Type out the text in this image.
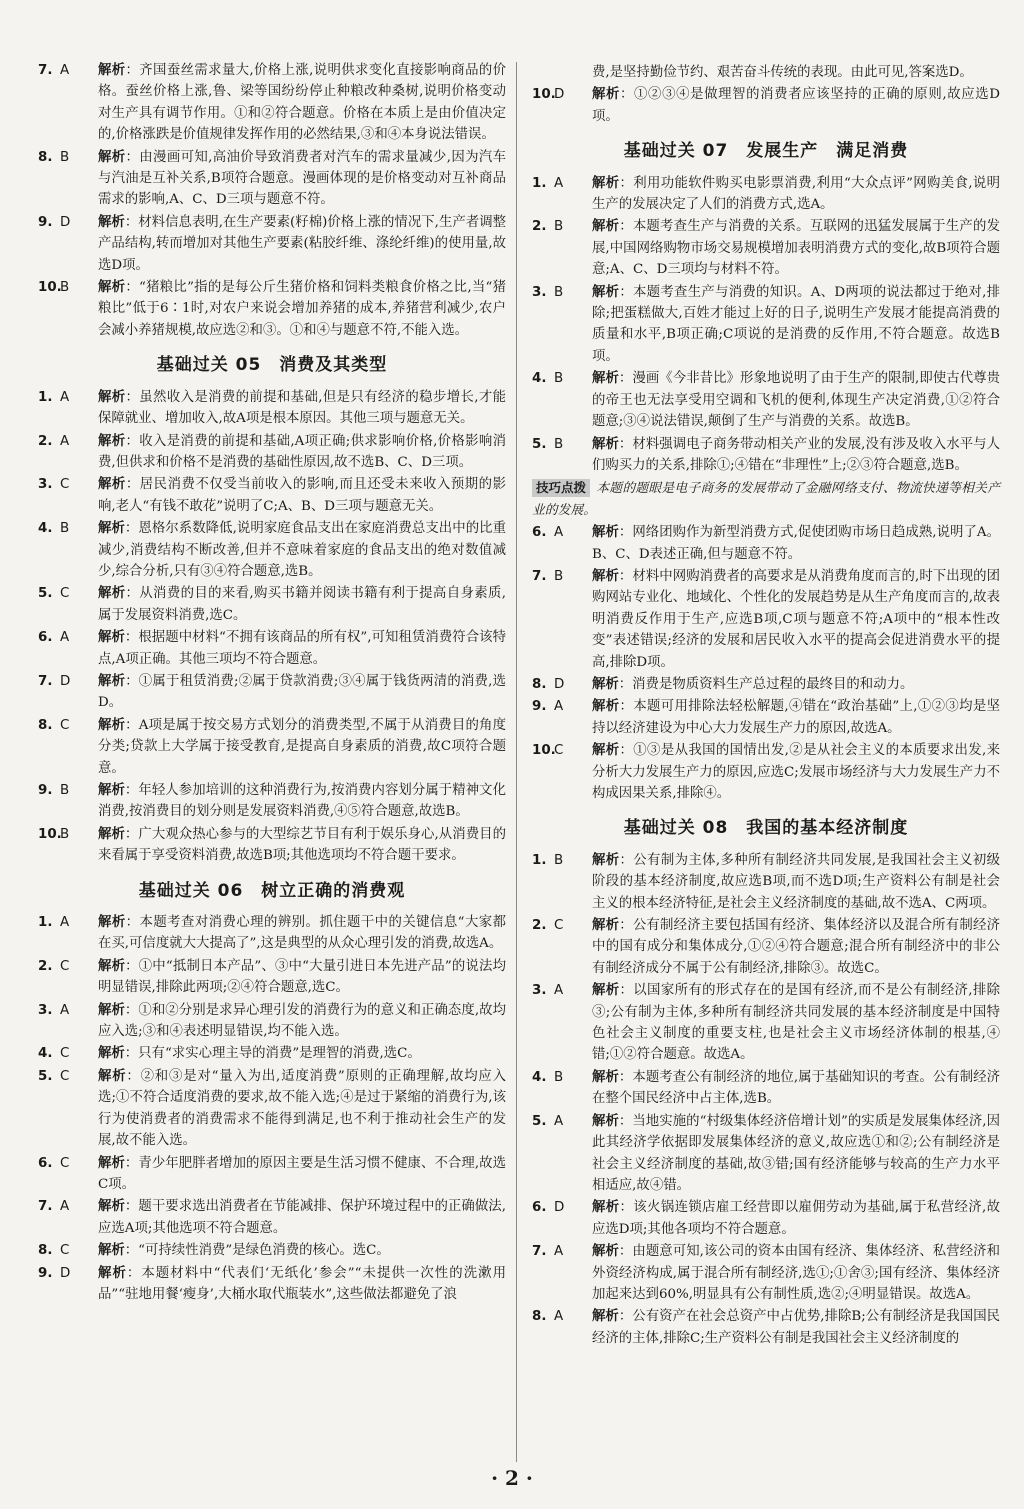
7. A 解析：齐国蚕丝需求量大,价格上涨,说明供求变化直接影响商品的价格。蚕丝价格上涨,鲁、梁等国纷纷停止种粮改种桑树,说明价格变动对生产具有调节作用。①和②符合题意。价格在本质上是由价值决定的,价格涨跌是价值规律发挥作用的必然结果,③和④本身说法错误。
8. B 解析：由漫画可知,高油价导致消费者对汽车的需求量减少,因为汽车与汽油是互补关系,B项符合题意。漫画体现的是价格变动对互补商品需求的影响,A、C、D三项与题意不符。
9. D 解析：材料信息表明,在生产要素(籽棉)价格上涨的情况下,生产者调整产品结构,转而增加对其他生产要素(粘胶纤维、涤纶纤维)的使用量,故选D项。
10.
B 解析：“猪粮比”指的是每公斤生猪价格和饲料类粮食价格之比,当“猪粮比”低于6∶1时,对农户来说会增加养猪的成本,养猪营利减少,农户会减小养猪规模,故应选②和③。①和④与题意不符,不能入选。
基础过关 05　消费及其类型
1. A 解析：虽然收入是消费的前提和基础,但是只有经济的稳步增长,才能保障就业、增加收入,故A项是根本原因。其他三项与题意无关。
2. A 解析：收入是消费的前提和基础,A项正确;供求影响价格,价格影响消费,但供求和价格不是消费的基础性原因,故不选B、C、D三项。
3. C 解析：居民消费不仅受当前收入的影响,而且还受未来收入预期的影响,老人“有钱不敢花”说明了C;A、B、D三项与题意无关。
4. B 解析：恩格尔系数降低,说明家庭食品支出在家庭消费总支出中的比重减少,消费结构不断改善,但并不意味着家庭的食品支出的绝对数值减少,综合分析,只有③④符合题意,选B。
5. C 解析：从消费的目的来看,购买书籍并阅读书籍有利于提高自身素质,属于发展资料消费,选C。
6. A 解析：根据题中材料“不拥有该商品的所有权”,可知租赁消费符合该特点,A项正确。其他三项均不符合题意。
7. D 解析：①属于租赁消费;②属于贷款消费;③④属于钱货两清的消费,选D。
8. C 解析：A项是属于按交易方式划分的消费类型,不属于从消费目的角度分类;贷款上大学属于接受教育,是提高自身素质的消费,故C项符合题意。
9. B 解析：年轻人参加培训的这种消费行为,按消费内容划分属于精神文化消费,按消费目的划分则是发展资料消费,④⑤符合题意,故选B。
10.
B 解析：广大观众热心参与的大型综艺节目有利于娱乐身心,从消费目的来看属于享受资料消费,故选B项;其他选项均不符合题干要求。
基础过关 06　树立正确的消费观
1. A 解析：本题考查对消费心理的辨别。抓住题干中的关键信息“大家都在买,可信度就大大提高了”,这是典型的从众心理引发的消费,故选A。
2. C 解析：①中“抵制日本产品”、③中“大量引进日本先进产品”的说法均明显错误,排除此两项;②④符合题意,选C。
3. A 解析：①和②分别是求异心理引发的消费行为的意义和正确态度,故均应入选;③和④表述明显错误,均不能入选。
4. C 解析：只有“求实心理主导的消费”是理智的消费,选C。
5. C 解析：②和③是对“量入为出,适度消费”原则的正确理解,故均应入选;①不符合适度消费的要求,故不能入选;④是过于紧缩的消费行为,该行为使消费者的消费需求不能得到满足,也不利于推动社会生产的发展,故不能入选。
6. C 解析：青少年肥胖者增加的原因主要是生活习惯不健康、不合理,故选C项。
7. A 解析：题干要求选出消费者在节能减排、保护环境过程中的正确做法,应选A项;其他选项不符合题意。
8. C 解析：“可持续性消费”是绿色消费的核心。选C。
9. D 解析：本题材料中“代表们‘无纸化’参会”“未提供一次性的洗漱用品”“驻地用餐‘瘦身’,大桶水取代瓶装水”,这些做法都避免了浪
费,是坚持勤俭节约、艰苦奋斗传统的表现。由此可见,答案选D。
10.
D 解析：①②③④是做理智的消费者应该坚持的正确的原则,故应选D项。
基础过关 07　发展生产　满足消费
1. A 解析：利用功能软件购买电影票消费,利用“大众点评”网购美食,说明生产的发展决定了人们的消费方式,选A。
2. B 解析：本题考查生产与消费的关系。互联网的迅猛发展属于生产的发展,中国网络购物市场交易规模增加表明消费方式的变化,故B项符合题意;A、C、D三项均与材料不符。
3. B 解析：本题考查生产与消费的知识。A、D两项的说法都过于绝对,排除;把蛋糕做大,百姓才能过上好的日子,说明生产发展才能提高消费的质量和水平,B项正确;C项说的是消费的反作用,不符合题意。故选B项。
4. B 解析：漫画《今非昔比》形象地说明了由于生产的限制,即使古代尊贵的帝王也无法享受用空调和飞机的便利,体现生产决定消费,①②符合题意;③④说法错误,颠倒了生产与消费的关系。故选B。
5. B 解析：材料强调电子商务带动相关产业的发展,没有涉及收入水平与人们购买力的关系,排除①;④错在“非理性”上;②③符合题意,选B。
技巧点拨 本题的题眼是电子商务的发展带动了金融网络支付、物流快递等相关产业的发展。
6. A 解析：网络团购作为新型消费方式,促使团购市场日趋成熟,说明了A。B、C、D表述正确,但与题意不符。
7. B 解析：材料中网购消费者的高要求是从消费角度而言的,时下出现的团购网站专业化、地域化、个性化的发展趋势是从生产角度而言的,故表明消费反作用于生产,应选B项,C项与题意不符;A项中的“根本性改变”表述错误;经济的发展和居民收入水平的提高会促进消费水平的提高,排除D项。
8. D 解析：消费是物质资料生产总过程的最终目的和动力。
9. A 解析：本题可用排除法轻松解题,④错在“政治基础”上,①②③均是坚持以经济建设为中心大力发展生产力的原因,故选A。
10.
C 解析：①③是从我国的国情出发,②是从社会主义的本质要求出发,来分析大力发展生产力的原因,应选C;发展市场经济与大力发展生产力不构成因果关系,排除④。
基础过关 08　我国的基本经济制度
1. B 解析：公有制为主体,多种所有制经济共同发展,是我国社会主义初级阶段的基本经济制度,故应选B项,而不选D项;生产资料公有制是社会主义的根本经济特征,是社会主义经济制度的基础,故不选A、C两项。
2. C 解析：公有制经济主要包括国有经济、集体经济以及混合所有制经济中的国有成分和集体成分,①②④符合题意;混合所有制经济中的非公有制经济成分不属于公有制经济,排除③。故选C。
3. A 解析：以国家所有的形式存在的是国有经济,而不是公有制经济,排除③;公有制为主体,多种所有制经济共同发展的基本经济制度是中国特色社会主义制度的重要支柱,也是社会主义市场经济体制的根基,④错;①②符合题意。故选A。
4. B 解析：本题考查公有制经济的地位,属于基础知识的考查。公有制经济在整个国民经济中占主体,选B。
5. A 解析：当地实施的“村级集体经济倍增计划”的实质是发展集体经济,因此其经济学依据即发展集体经济的意义,故应选①和②;公有制经济是社会主义经济制度的基础,故③错;国有经济能够与较高的生产力水平相适应,故④错。
6. D 解析：该火锅连锁店雇工经营即以雇佣劳动为基础,属于私营经济,故应选D项;其他各项均不符合题意。
7. A 解析：由题意可知,该公司的资本由国有经济、集体经济、私营经济和外资经济构成,属于混合所有制经济,选①;①舍③;国有经济、集体经济加起来达到60%,明显具有公有制性质,选②;④明显错误。故选A。
8. A 解析：公有资产在社会总资产中占优势,排除B;公有制经济是我国国民经济的主体,排除C;生产资料公有制是我国社会主义经济制度的
· 2 ·
